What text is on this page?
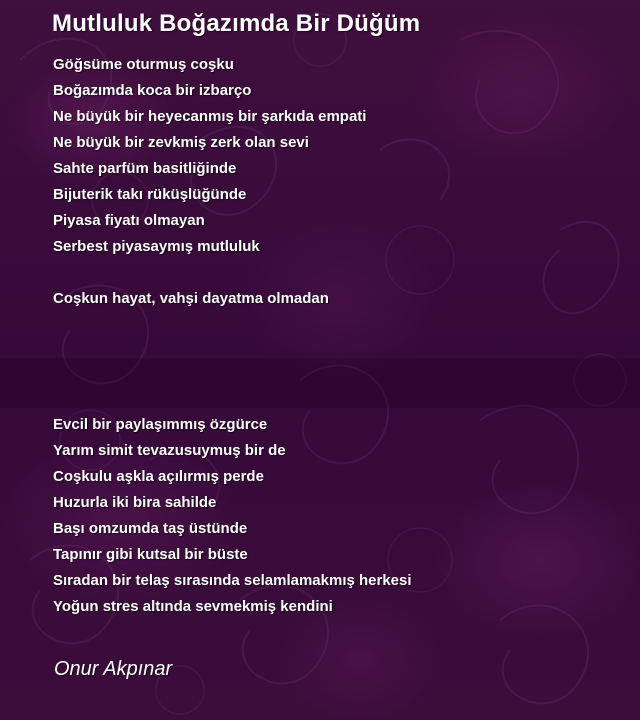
Mutluluk Boğazımda Bir Düğüm
Göğsüme oturmuş coşku
Boğazımda koca bir izbarço
Ne büyük bir heyecanmış bir şarkıda empati
Ne büyük bir zevkmiş zerk olan sevi
Sahte parfüm basitliğinde
Bijuterik takı rüküşlüğünde
Piyasa fiyatı olmayan
Serbest piyasaymış mutluluk
Coşkun hayat, vahşi dayatma olmadan
Evcil bir paylaşımmış özgürce
Yarım simit tevazusuymuş bir de
Coşkulu aşkla açılırmış perde
Huzurla iki bira sahilde
Başı omzumda taş üstünde
Tapınır gibi kutsal bir büste
Sıradan bir telaş sırasında selamlamakmış herkesi
Yoğun stres altında sevmekmiş kendini
Onur Akpınar
